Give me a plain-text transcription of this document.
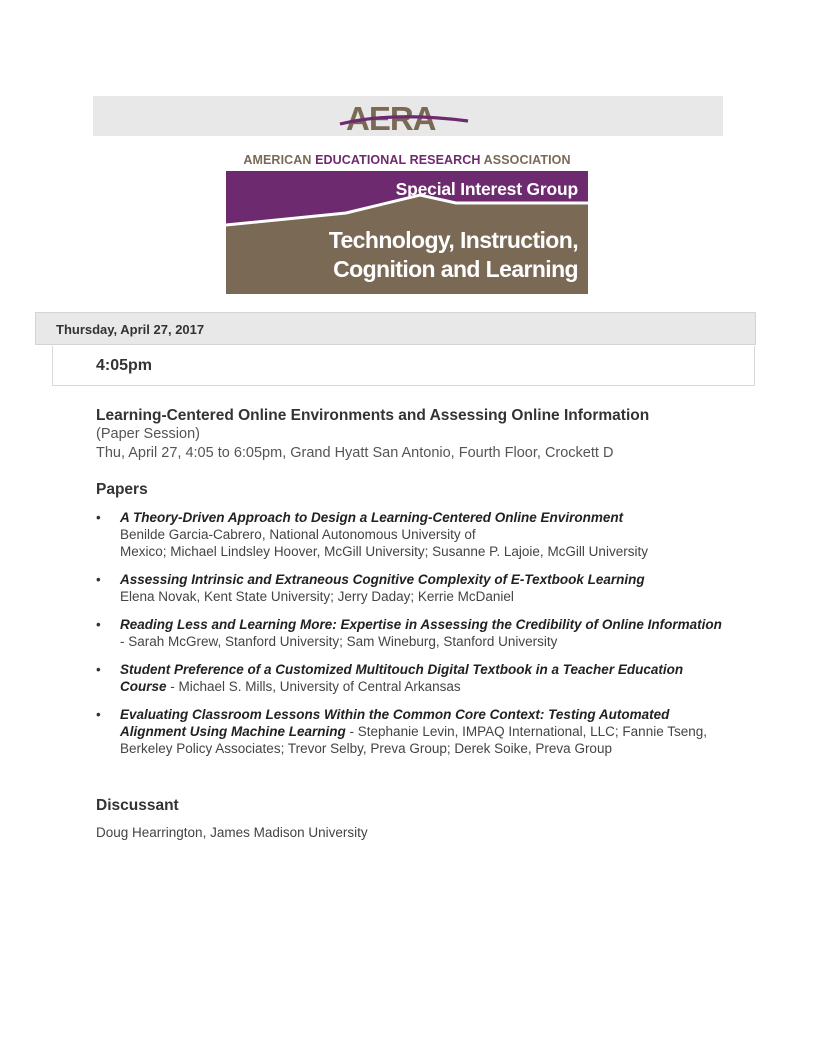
AERA
AMERICAN EDUCATIONAL RESEARCH ASSOCIATION
Special Interest Group
Technology, Instruction,
Cognition and Learning
Thursday, April 27, 2017
4:05pm
Learning-Centered Online Environments and Assessing Online Information
(Paper Session)
Thu, April 27, 4:05 to 6:05pm, Grand Hyatt San Antonio, Fourth Floor, Crockett D
Papers
• A Theory-Driven Approach to Design a Learning-Centered Online Environment
Benilde Garcia-Cabrero, National Autonomous University of
Mexico; Michael Lindsley Hoover, McGill University; Susanne P. Lajoie, McGill University
• Assessing Intrinsic and Extraneous Cognitive Complexity of E-Textbook Learning
Elena Novak, Kent State University; Jerry Daday; Kerrie McDaniel
• Reading Less and Learning More: Expertise in Assessing the Credibility of Online Information - Sarah McGrew, Stanford University; Sam Wineburg, Stanford University
• Student Preference of a Customized Multitouch Digital Textbook in a Teacher Education Course - Michael S. Mills, University of Central Arkansas
• Evaluating Classroom Lessons Within the Common Core Context: Testing Automated Alignment Using Machine Learning - Stephanie Levin, IMPAQ International, LLC; Fannie Tseng, Berkeley Policy Associates; Trevor Selby, Preva Group; Derek Soike, Preva Group
Discussant
Doug Hearrington, James Madison University
